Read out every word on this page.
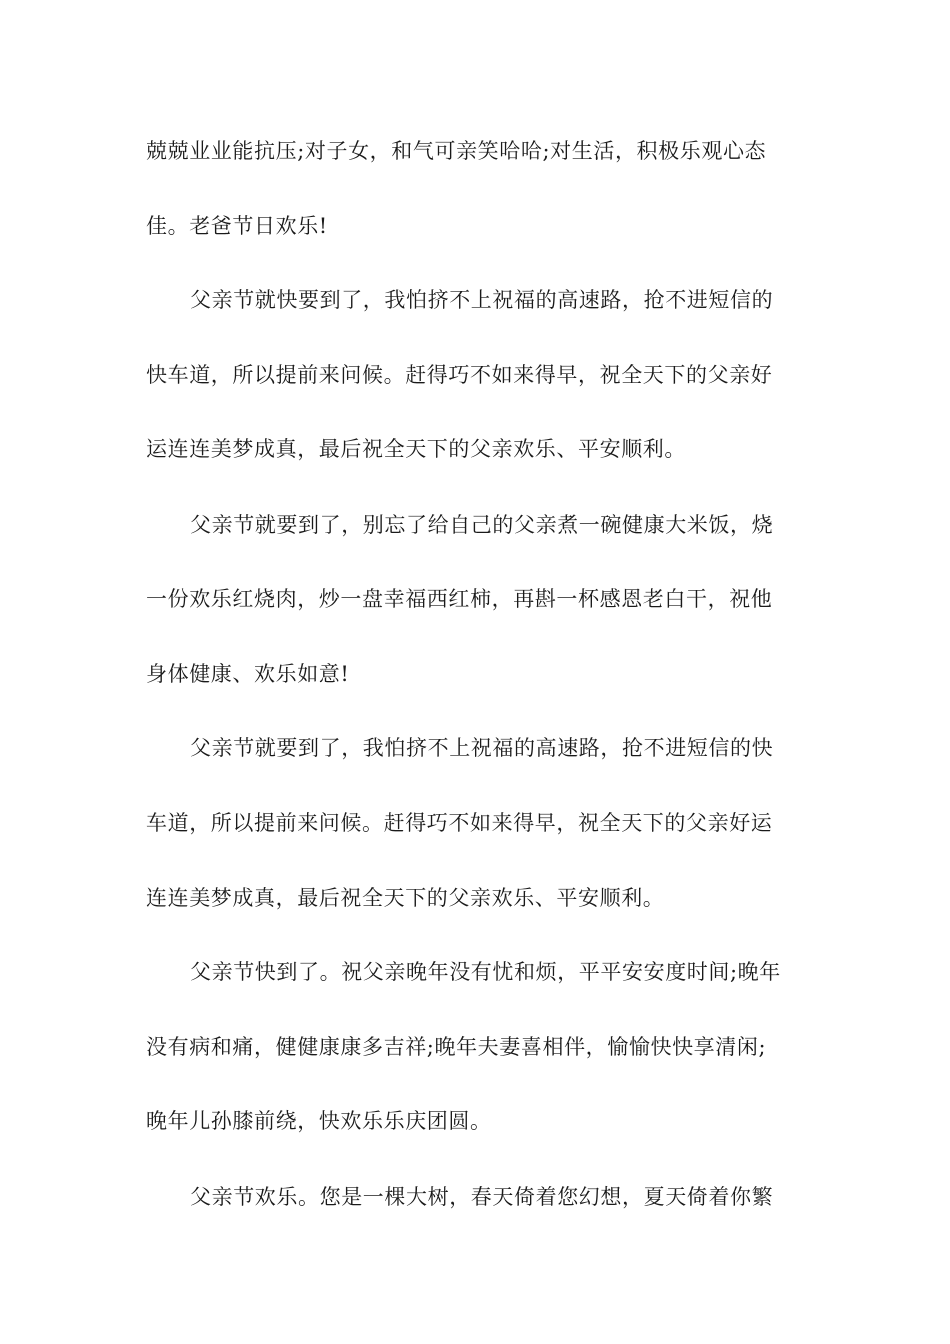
兢兢业业能抗压;对子女，和气可亲笑哈哈;对生活，积极乐观心态
佳。老爸节日欢乐!
父亲节就快要到了，我怕挤不上祝福的高速路，抢不进短信的
快车道，所以提前来问候。赶得巧不如来得早，祝全天下的父亲好
运连连美梦成真，最后祝全天下的父亲欢乐、平安顺利。
父亲节就要到了，别忘了给自己的父亲煮一碗健康大米饭，烧
一份欢乐红烧肉，炒一盘幸福西红柿，再斟一杯感恩老白干，祝他
身体健康、欢乐如意!
父亲节就要到了，我怕挤不上祝福的高速路，抢不进短信的快
车道，所以提前来问候。赶得巧不如来得早，祝全天下的父亲好运
连连美梦成真，最后祝全天下的父亲欢乐、平安顺利。
父亲节快到了。祝父亲晚年没有忧和烦，平平安安度时间;晚年
没有病和痛，健健康康多吉祥;晚年夫妻喜相伴，愉愉快快享清闲;
晚年儿孙膝前绕，快欢乐乐庆团圆。
父亲节欢乐。您是一棵大树，春天倚着您幻想，夏天倚着你繁
